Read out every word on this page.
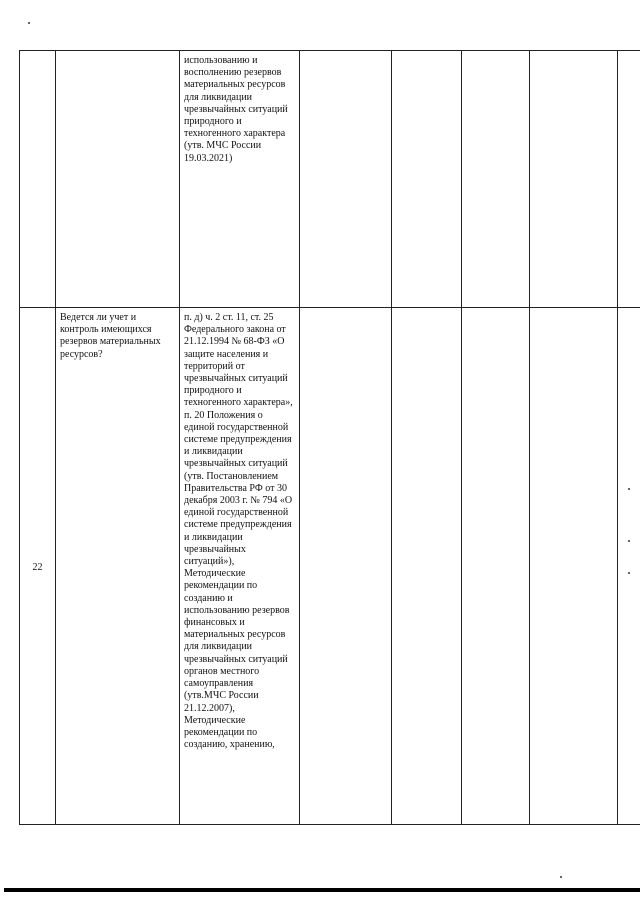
		использованию и восполнению резервов материальных ресурсов для ликвидации чрезвычайных ситуаций природного и техногенного характера (утв. МЧС России 19.03.2021)					
22	Ведется ли учет и контроль имеющихся резервов материальных ресурсов?	п. д) ч. 2 ст. 11, ст. 25 Федерального закона от 21.12.1994 № 68-ФЗ «О защите населения и территорий от чрезвычайных ситуаций природного и техногенного характера», п. 20 Положения о единой государственной системе предупреждения и ликвидации чрезвычайных ситуаций (утв. Постановлением Правительства РФ от 30 декабря 2003 г. № 794 «О единой государственной системе предупреждения и ликвидации чрезвычайных ситуаций»), Методические рекомендации по созданию и использованию резервов финансовых и материальных ресурсов для ликвидации чрезвычайных ситуаций органов местного самоуправления (утв.МЧС России 21.12.2007), Методические рекомендации по созданию, хранению,					
